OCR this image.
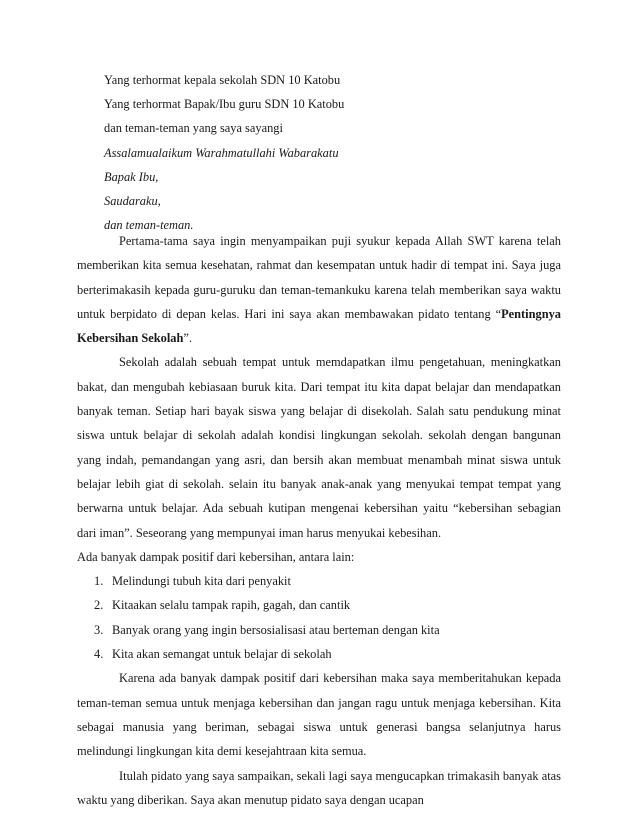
Yang terhormat kepala sekolah SDN 10 Katobu
Yang terhormat Bapak/Ibu guru SDN 10 Katobu
dan teman-teman yang saya sayangi
Assalamualaikum Warahmatullahi Wabarakatu
Bapak Ibu,
Saudaraku,
dan teman-teman.

Pertama-tama saya ingin menyampaikan puji syukur kepada Allah SWT karena telah memberikan kita semua kesehatan, rahmat dan kesempatan untuk hadir di tempat ini. Saya juga berterimakasih kepada guru-guruku dan teman-temankuku karena telah memberikan saya waktu untuk berpidato di depan kelas. Hari ini saya akan membawakan pidato tentang “Pentingnya Kebersihan Sekolah”.

Sekolah adalah sebuah tempat untuk memdapatkan ilmu pengetahuan, meningkatkan bakat, dan mengubah kebiasaan buruk kita. Dari tempat itu kita dapat belajar dan mendapatkan banyak teman. Setiap hari bayak siswa yang belajar di disekolah. Salah satu pendukung minat siswa untuk belajar di sekolah adalah kondisi lingkungan sekolah. sekolah dengan bangunan yang indah, pemandangan yang asri, dan bersih akan membuat menambah minat siswa untuk belajar lebih giat di sekolah. selain itu banyak anak-anak yang menyukai tempat tempat yang berwarna untuk belajar. Ada sebuah kutipan mengenai kebersihan yaitu “kebersihan sebagian dari iman”. Seseorang yang mempunyai iman harus menyukai kebesihan.

Ada banyak dampak positif dari kebersihan, antara lain:

1. Melindungi tubuh kita dari penyakit
2. Kitaakan selalu tampak rapih, gagah, dan cantik
3. Banyak orang yang ingin bersosialisasi atau berteman dengan kita
4. Kita akan semangat untuk belajar di sekolah

Karena ada banyak dampak positif dari kebersihan maka saya memberitahukan kepada teman-teman semua untuk menjaga kebersihan dan jangan ragu untuk menjaga kebersihan. Kita sebagai manusia yang beriman, sebagai siswa untuk generasi bangsa selanjutnya harus melindungi lingkungan kita demi kesejahtraan kita semua.

Itulah pidato yang saya sampaikan, sekali lagi saya mengucapkan trimakasih banyak atas waktu yang diberikan. Saya akan menutup pidato saya dengan ucapan
